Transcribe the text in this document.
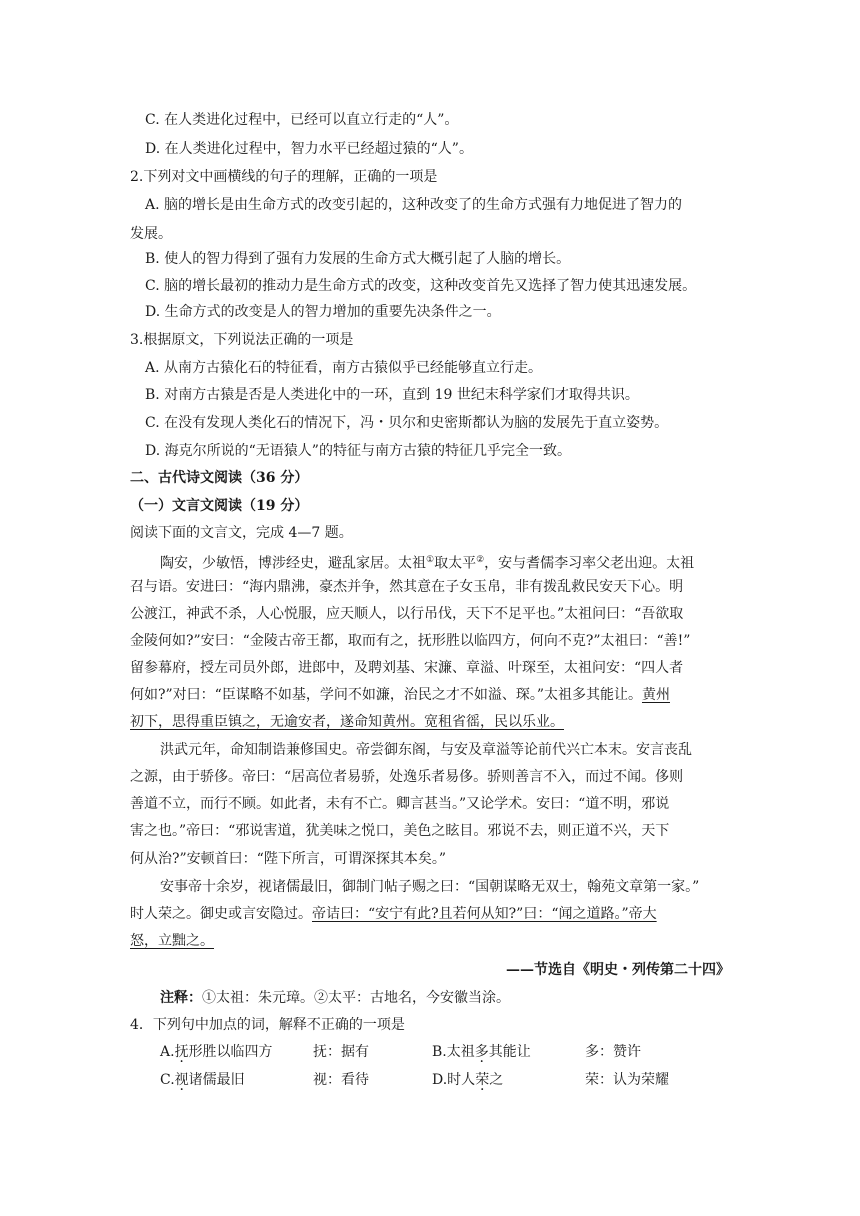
C. 在人类进化过程中，已经可以直立行走的“人”。
D. 在人类进化过程中，智力水平已经超过猿的“人”。
2.下列对文中画横线的句子的理解，正确的一项是
A. 脑的增长是由生命方式的改变引起的，这种改变了的生命方式强有力地促进了智力的
发展。
B. 使人的智力得到了强有力发展的生命方式大概引起了人脑的增长。
C. 脑的增长最初的推动力是生命方式的改变，这种改变首先又选择了智力使其迅速发展。
D. 生命方式的改变是人的智力增加的重要先决条件之一。
3.根据原文，下列说法正确的一项是
A. 从南方古猿化石的特征看，南方古猿似乎已经能够直立行走。
B. 对南方古猿是否是人类进化中的一环，直到 19 世纪末科学家们才取得共识。
C. 在没有发现人类化石的情况下，冯・贝尔和史密斯都认为脑的发展先于直立姿势。
D. 海克尔所说的“无语猿人”的特征与南方古猿的特征几乎完全一致。
二、古代诗文阅读（36 分）
（一）文言文阅读（19 分）
阅读下面的文言文，完成 4—7 题。
陶安，少敏悟，博涉经史，避乱家居。太祖①取太平②，安与耆儒李习率父老出迎。太祖
召与语。安进曰：“海内鼎沸，豪杰并争，然其意在子女玉帛，非有拨乱救民安天下心。明
公渡江，神武不杀，人心悦服，应天顺人，以行吊伐，天下不足平也。”太祖问曰：“吾欲取
金陵何如?”安曰：“金陵古帝王都，取而有之，抚形胜以临四方，何向不克?”太祖曰：“善!”
留参幕府，授左司员外郎，进郎中，及聘刘基、宋濂、章溢、叶琛至，太祖问安：“四人者
何如?”对曰：“臣谋略不如基，学问不如濂，治民之才不如溢、琛。”太祖多其能让。黄州
初下，思得重臣镇之，无逾安者，遂命知黄州。宽租省徭，民以乐业。
洪武元年，命知制诰兼修国史。帝尝御东阁，与安及章溢等论前代兴亡本末。安言丧乱
之源，由于骄侈。帝曰：“居高位者易骄，处逸乐者易侈。骄则善言不入，而过不闻。侈则
善道不立，而行不顾。如此者，未有不亡。卿言甚当。”又论学术。安曰：“道不明，邪说
害之也。”帝曰：“邪说害道，犹美味之悦口，美色之眩目。邪说不去，则正道不兴，天下
何从治?”安顿首曰：“陛下所言，可谓深探其本矣。”
安事帝十余岁，视诸儒最旧，御制门帖子赐之曰：“国朝谋略无双士，翰苑文章第一家。”
时人荣之。御史或言安隐过。帝诘曰：“安宁有此?且若何从知?”曰：“闻之道路。”帝大
怒，立黜之。
——节选自《明史・列传第二十四》
注释：①太祖：朱元璋。②太平：古地名，今安徽当涂。
4．下列句中加点的词，解释不正确的一项是
A.抚形胜以临四方	抚：据有	B.太祖多其能让	多：赞许
C.视诸儒最旧	视：看待	D.时人荣之	荣：认为荣耀
